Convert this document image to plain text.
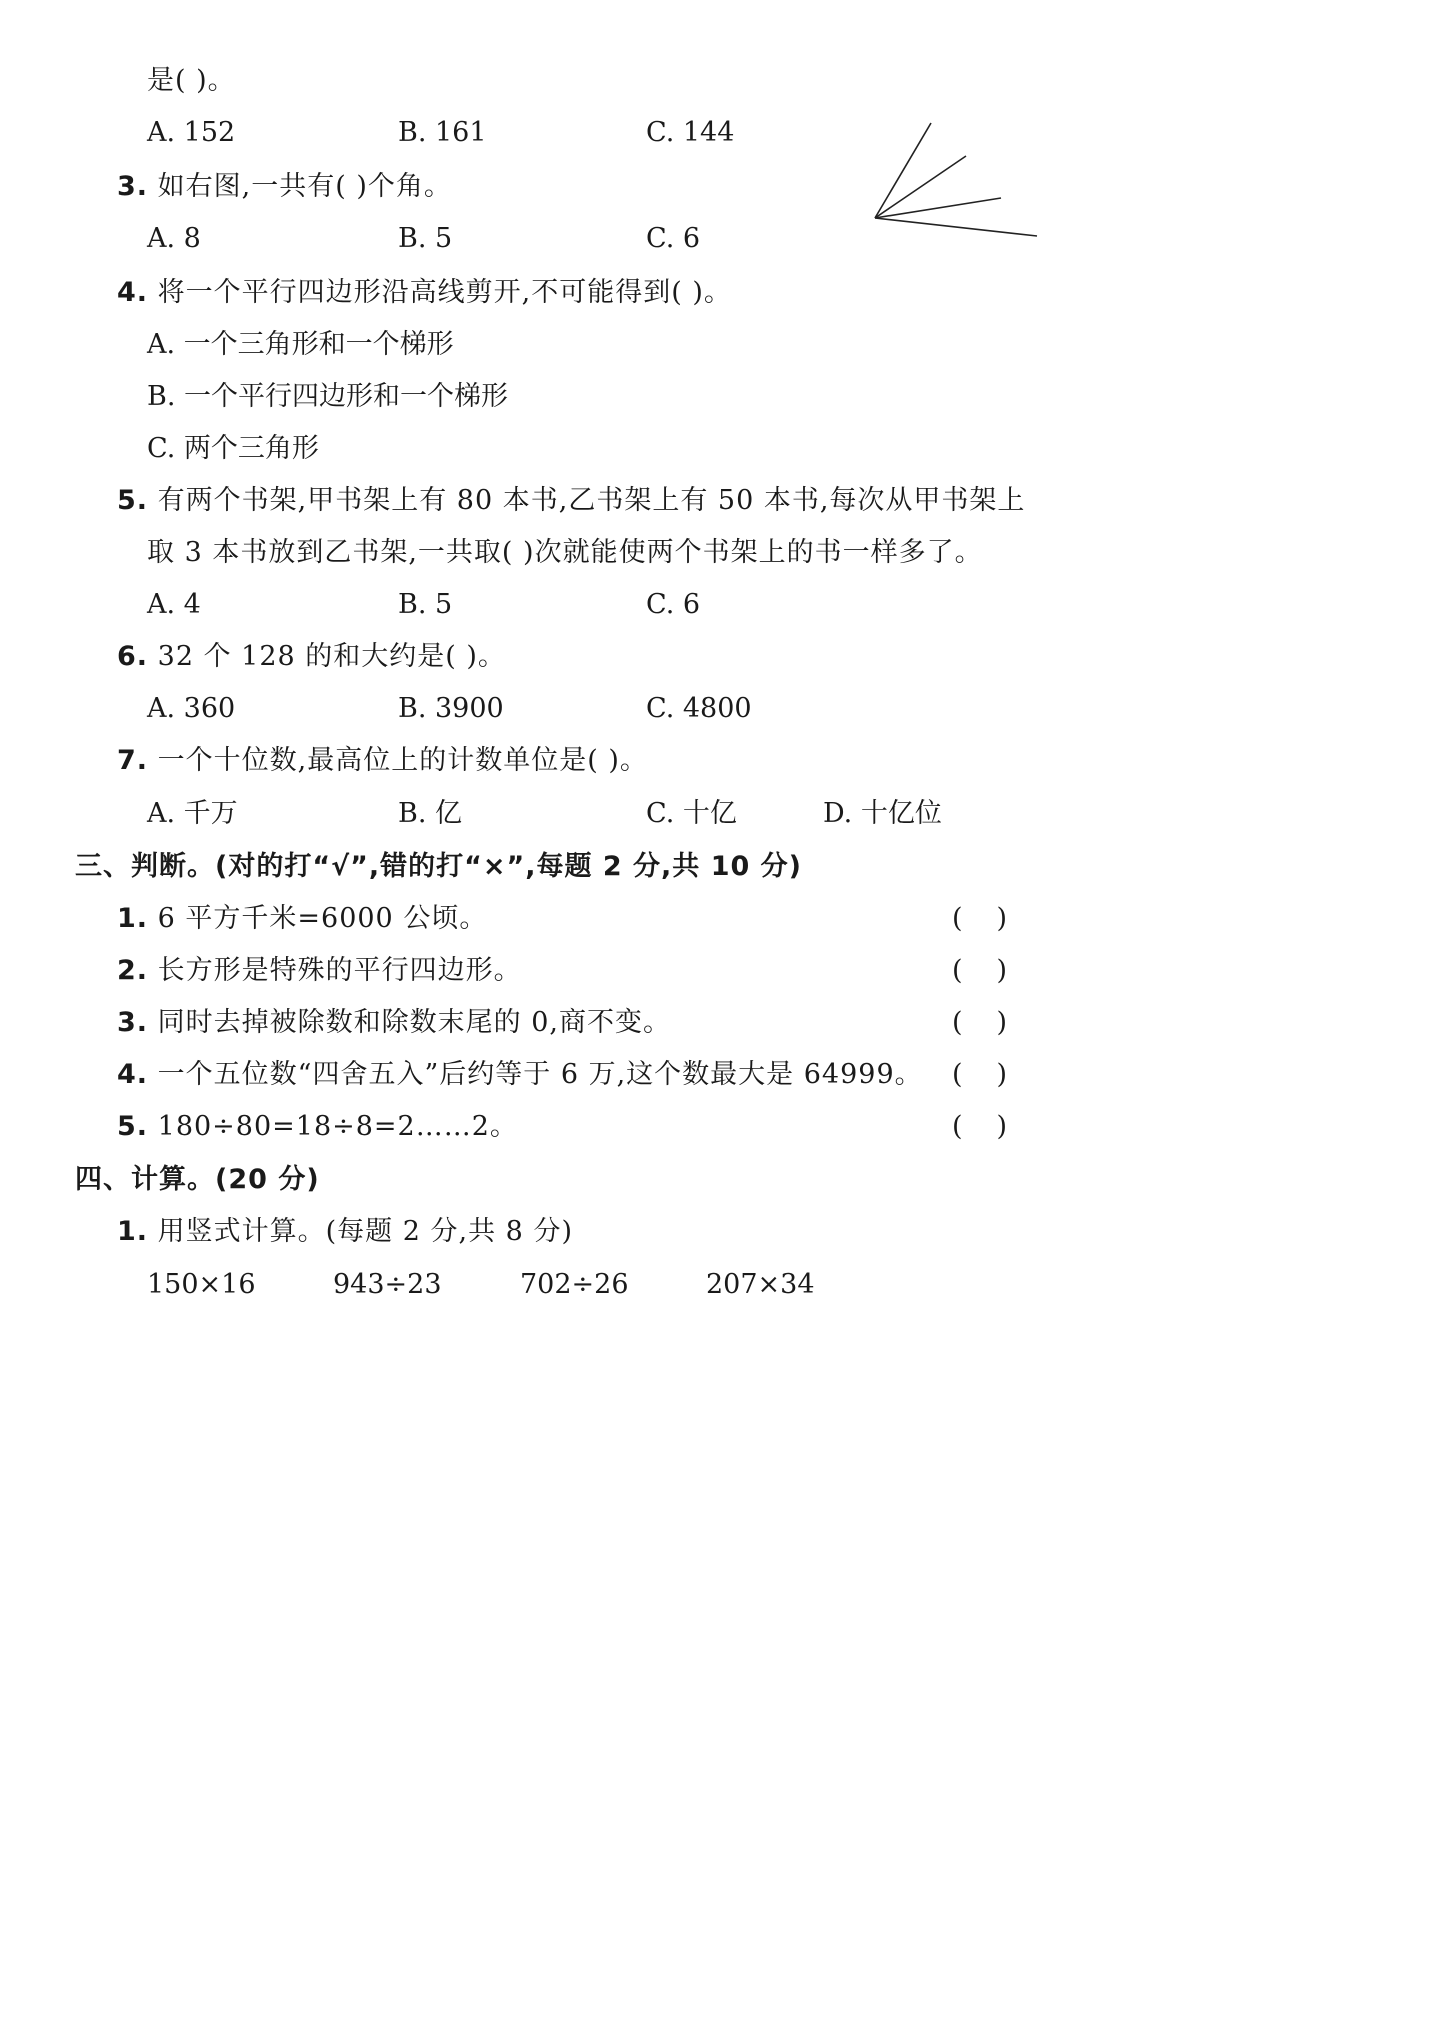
是( )。
A. 152	B. 161	C. 144
3. 如右图,一共有( )个角。
A. 8	B. 5	C. 6
4. 将一个平行四边形沿高线剪开,不可能得到( )。
A. 一个三角形和一个梯形
B. 一个平行四边形和一个梯形
C. 两个三角形
5. 有两个书架,甲书架上有 80 本书,乙书架上有 50 本书,每次从甲书架上
取 3 本书放到乙书架,一共取( )次就能使两个书架上的书一样多了。
A. 4	B. 5	C. 6
6. 32 个 128 的和大约是( )。
A. 360	B. 3900	C. 4800
7. 一个十位数,最高位上的计数单位是( )。
A. 千万	B. 亿	C. 十亿	D. 十亿位
三、判断。(对的打“√”,错的打“×”,每题 2 分,共 10 分)
1. 6 平方千米=6000 公顷。	()
2. 长方形是特殊的平行四边形。	()
3. 同时去掉被除数和除数末尾的 0,商不变。	()
4. 一个五位数“四舍五入”后约等于 6 万,这个数最大是 64999。 ()
5. 180÷80=18÷8=2……2。	()
四、计算。(20 分)
1. 用竖式计算。(每题 2 分,共 8 分)
150×16	943÷23	702÷26	207×34
